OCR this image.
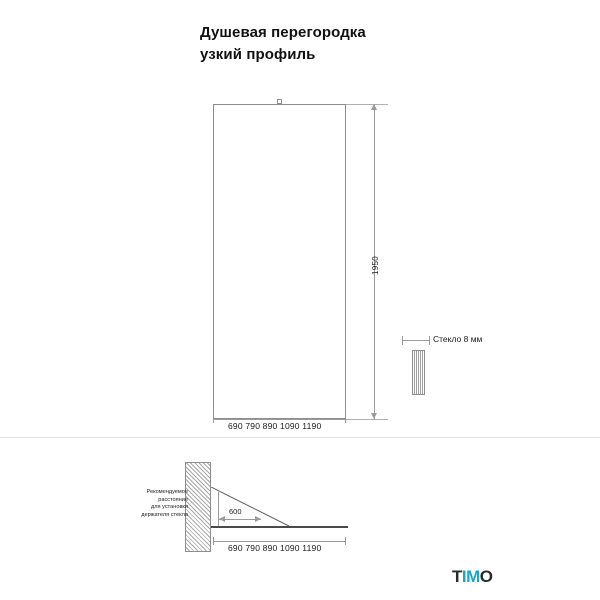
Душевая перегородка
узкий профиль
1950
690 790 890 1090 1190
Стекло 8 мм
Рекомендуемое
расстояние
для установки
держателя стекла	600
690 790 890 1090 1190
TIMO
